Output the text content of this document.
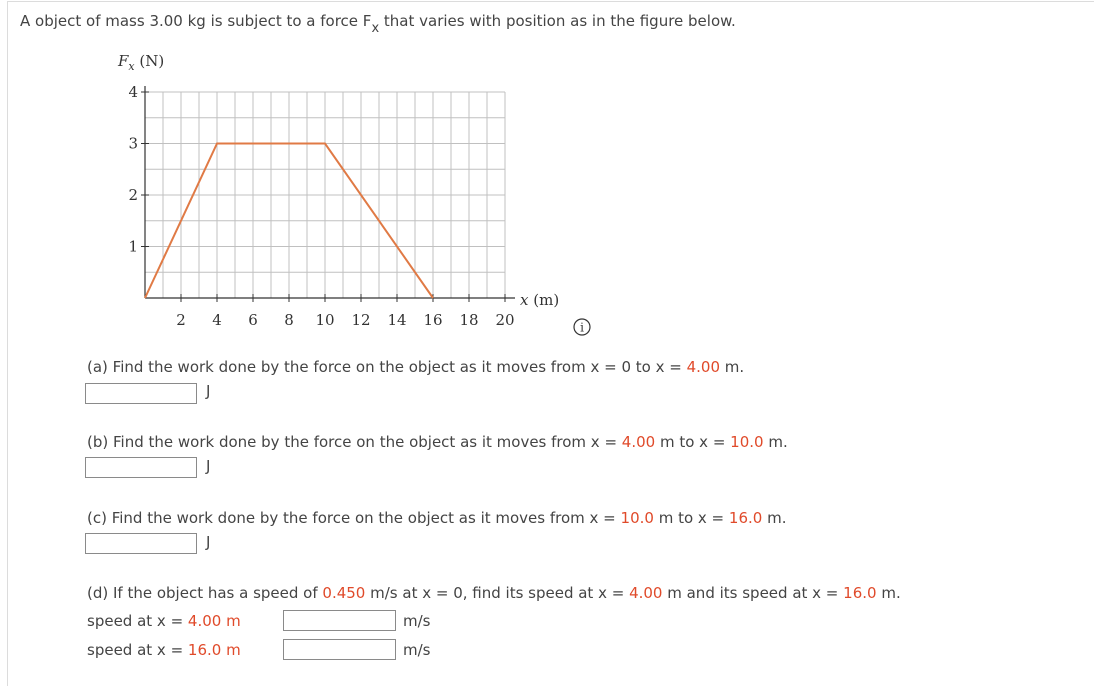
A object of mass 3.00 kg is subject to a force $F_x$ that varies with position as in the figure below.
$F_x$ (N)
2 4 6 8 10 12 14 16 18 20
1
2
3
4
x (m)
i
(a) Find the work done by the force on the object as it moves from x = 0 to x = 4.00 m.
J
(b) Find the work done by the force on the object as it moves from x = 4.00 m to x = 10.0 m.
J
(c) Find the work done by the force on the object as it moves from x = 10.0 m to x = 16.0 m.
J
(d) If the object has a speed of 0.450 m/s at x = 0, find its speed at x = 4.00 m and its speed at x = 16.0 m.
speed at x = 4.00 m	m/s
speed at x = 16.0 m	m/s
